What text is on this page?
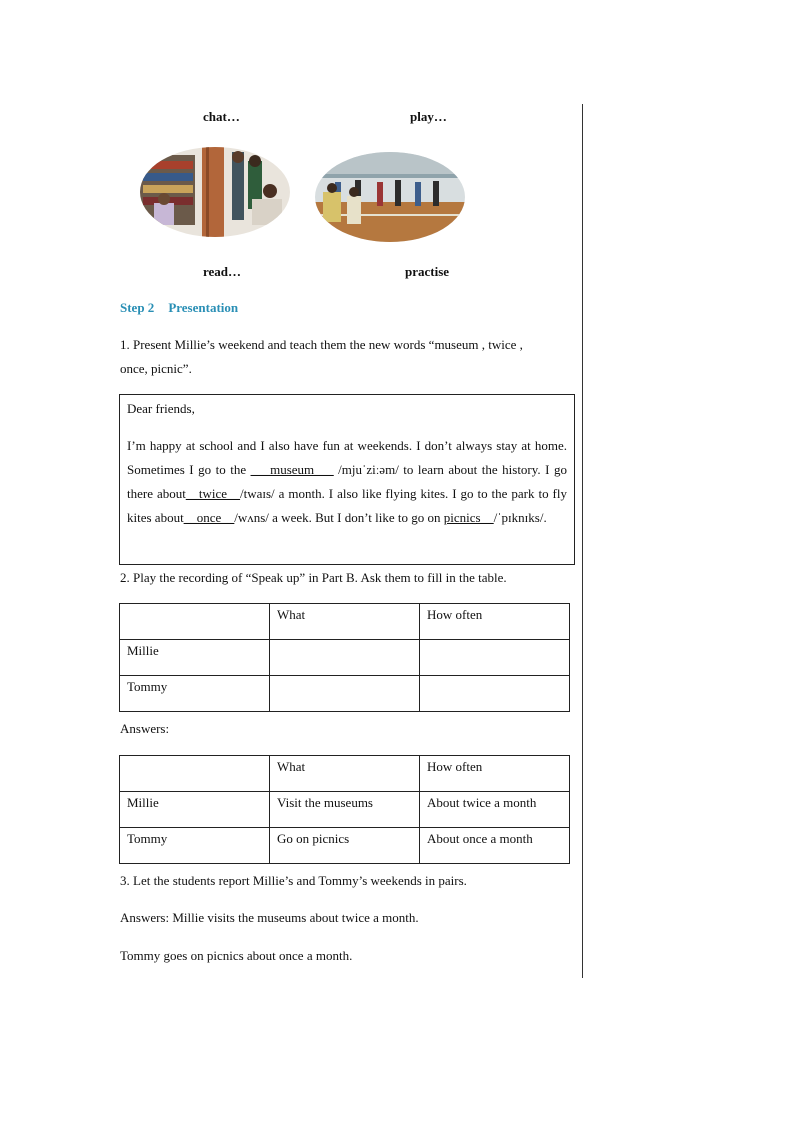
chat…	play…
read…	practise
Step 2 Presentation
1. Present Millie’s weekend and teach them the new words “museum , twice ,
once, picnic”.

Dear friends,

I’m happy at school and I also have fun at weekends. I don’t always stay at home. Sometimes I go to the ___museum___ /mjuˈziːəm/ to learn about the history. I go there about__twice__/twaɪs/ a month. I also like flying kites. I go to the park to fly kites about__once__/wʌns/ a week. But I don’t like to go on picnics__/ˈpɪknɪks/.

2. Play the recording of “Speak up” in Part B. Ask them to fill in the table.
	What	How often
Millie		
Tommy		
Answers:
	What	How often
Millie	Visit the museums	About twice a month
Tommy	Go on picnics	About once a month
3. Let the students report Millie’s and Tommy’s weekends in pairs.
Answers: Millie visits the museums about twice a month.
Tommy goes on picnics about once a month.
